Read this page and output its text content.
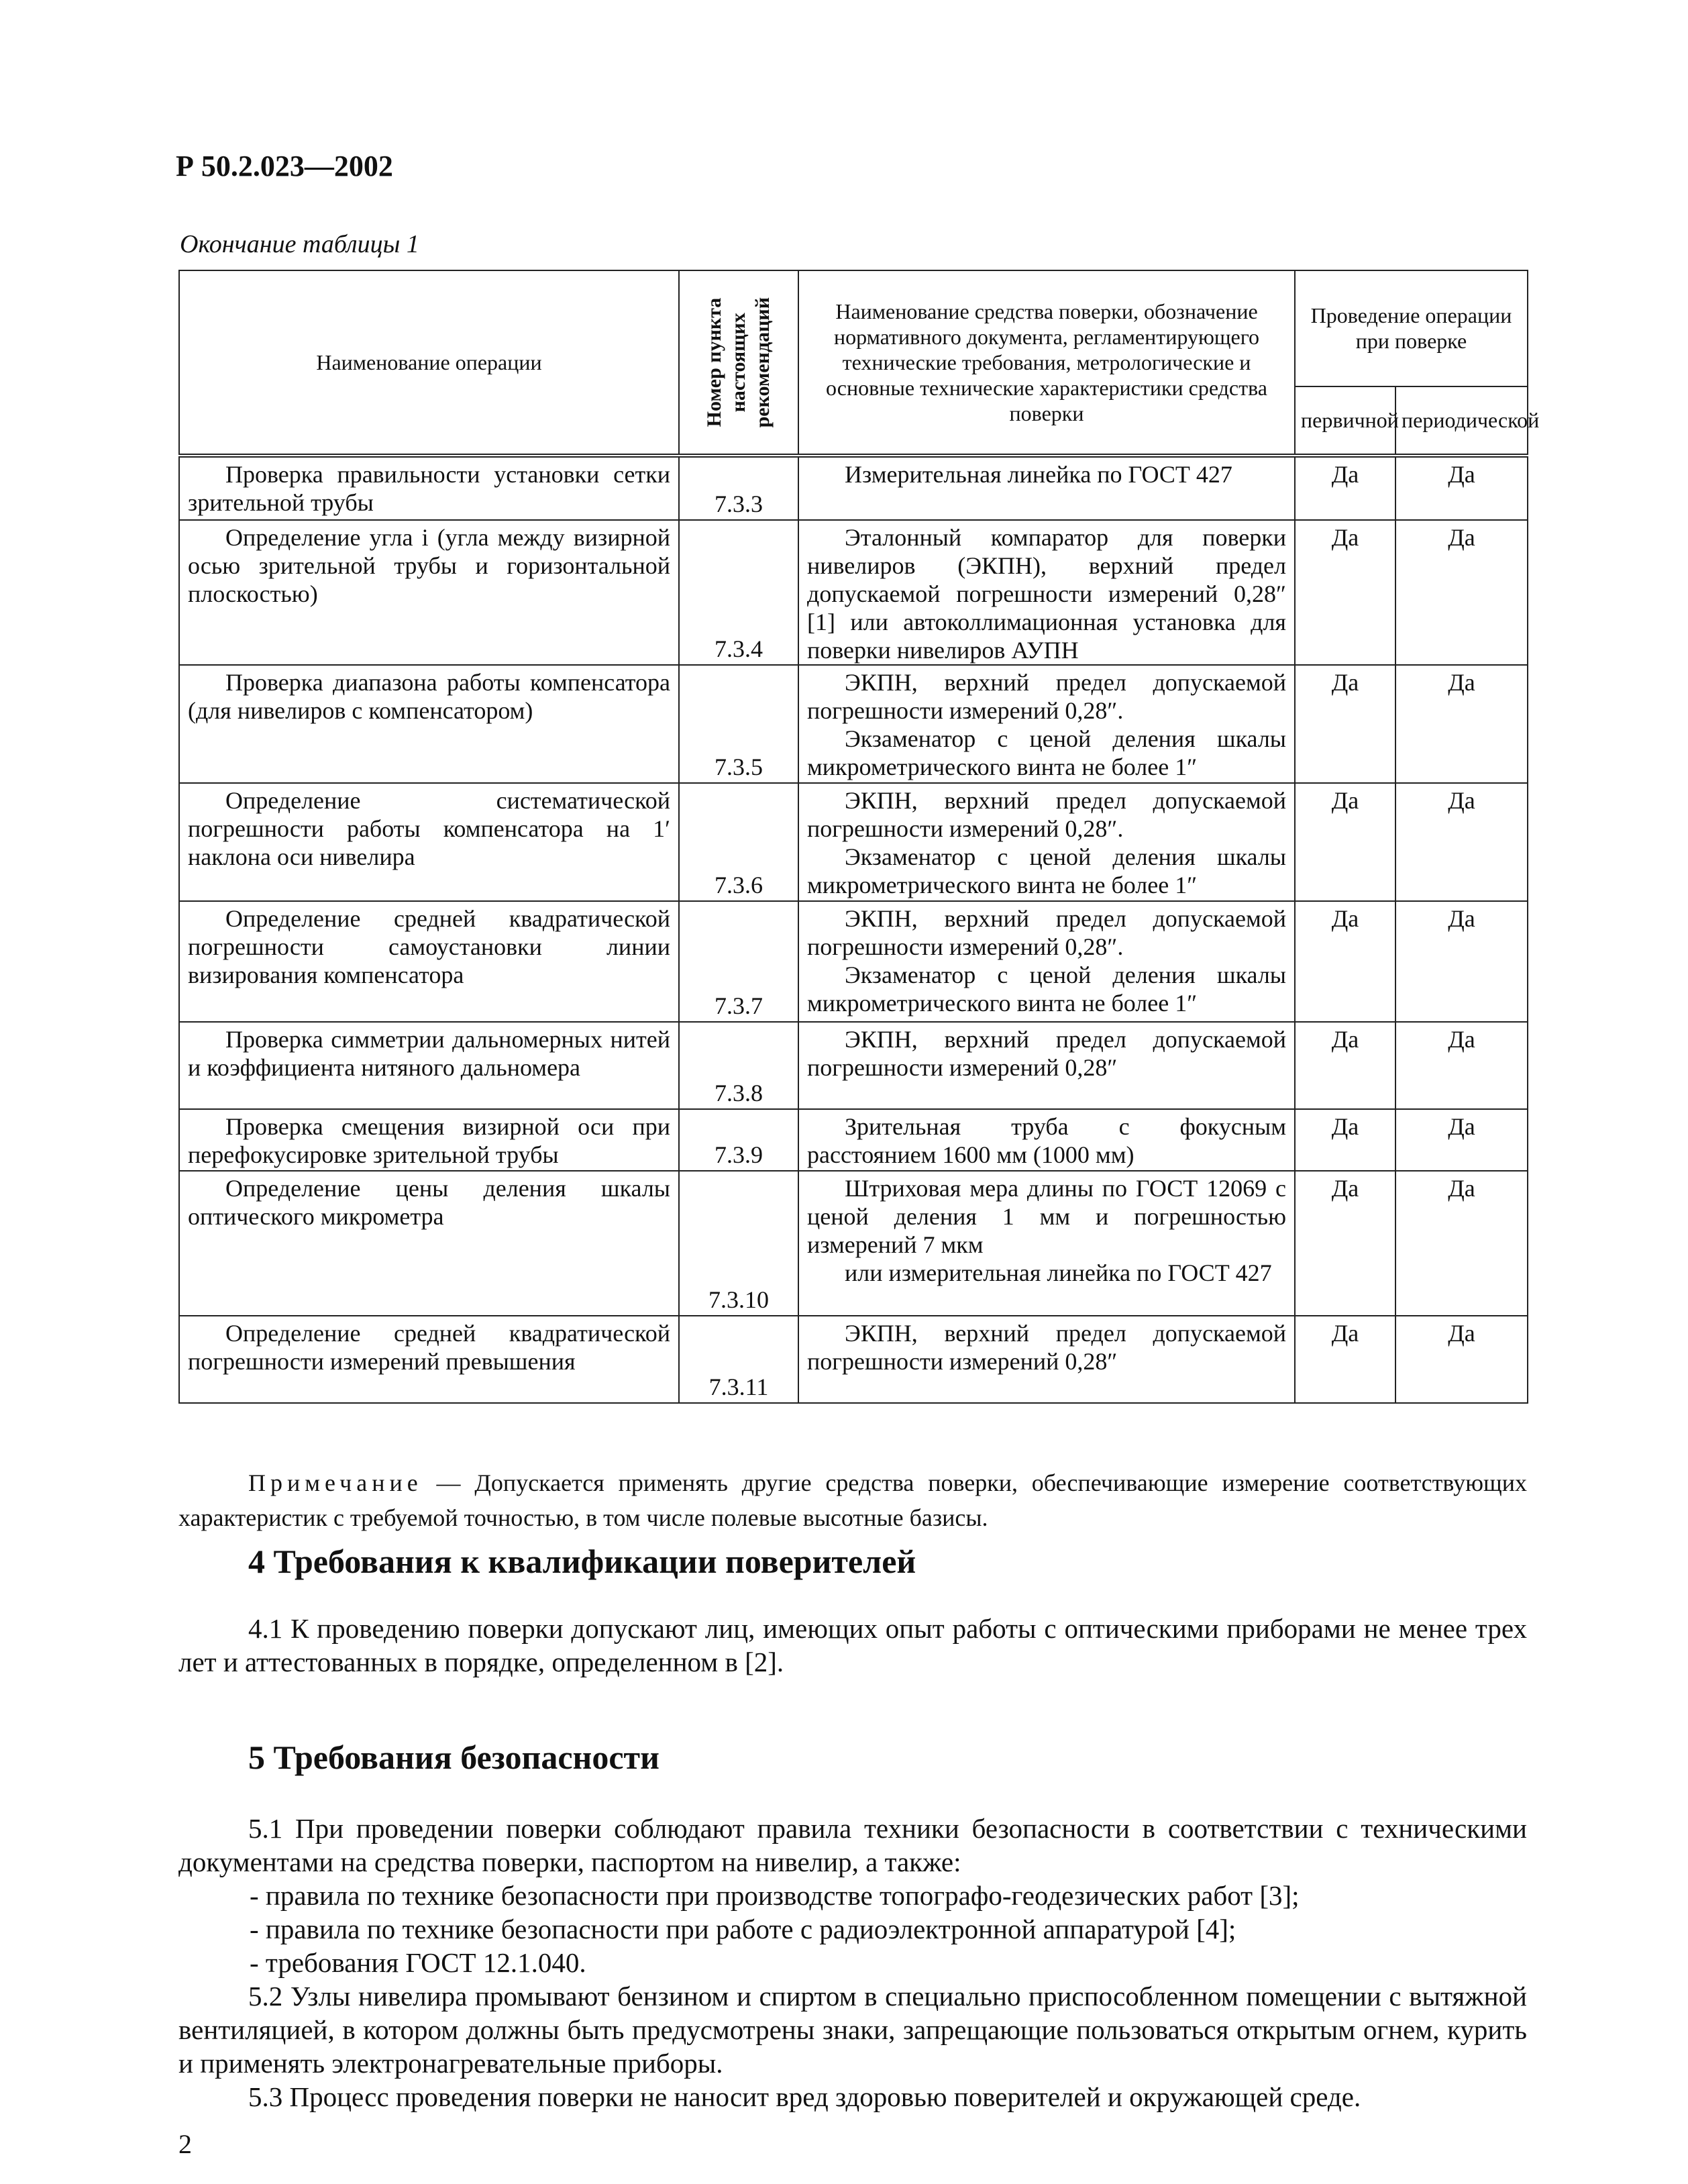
Р 50.2.023—2002
Окончание таблицы 1
Наименование операции	Номер пункта
настоящих
рекомендаций	Наименование средства поверки, обозначение нормативного документа, регламентирующего технические требования, метрологические и основные технические характеристики средства поверки	Проведение операции при поверке	
			первичной	периодической
Проверка правильности установки сетки зрительной трубы	7.3.3	Измерительная линейка по ГОСТ 427	Да	Да
Определение угла i (угла между визирной осью зрительной трубы и горизонтальной плоскостью)	7.3.4	Эталонный компаратор для поверки нивелиров (ЭКПН), верхний предел допускаемой погрешности измерений 0,28″ [1] или автоколлимационная установка для поверки нивелиров АУПН	Да	Да
Проверка диапазона работы компенсатора (для нивелиров с компенсатором)	7.3.5	ЭКПН, верхний предел допускаемой погрешности измерений 0,28″.
Экзаменатор с ценой деления шкалы микрометрического винта не более 1″	Да	Да
Определение систематической погрешности работы компенсатора на 1′ наклона оси нивелира	7.3.6	ЭКПН, верхний предел допускаемой погрешности измерений 0,28″.
Экзаменатор с ценой деления шкалы микрометрического винта не более 1″	Да	Да
Определение средней квадратической погрешности самоустановки линии визирования компенсатора	7.3.7	ЭКПН, верхний предел допускаемой погрешности измерений 0,28″.
Экзаменатор с ценой деления шкалы микрометрического винта не более 1″	Да	Да
Проверка симметрии дальномерных нитей и коэффициента нитяного дальномера	7.3.8	ЭКПН, верхний предел допускаемой погрешности измерений 0,28″	Да	Да
Проверка смещения визирной оси при перефокусировке зрительной трубы	7.3.9	Зрительная труба с фокусным расстоянием 1600 мм (1000 мм)	Да	Да
Определение цены деления шкалы оптического микрометра	7.3.10	Штриховая мера длины по ГОСТ 12069 с ценой деления 1 мм и погрешностью измерений 7 мкм
или измерительная линейка по ГОСТ 427	Да	Да
Определение средней квадратической погрешности измерений превышения	7.3.11	ЭКПН, верхний предел допускаемой погрешности измерений 0,28″	Да	Да
Примечание — Допускается применять другие средства поверки, обеспечивающие измерение соответствующих характеристик с требуемой точностью, в том числе полевые высотные базисы.
4 Требования к квалификации поверителей
4.1 К проведению поверки допускают лиц, имеющих опыт работы с оптическими приборами не менее трех лет и аттестованных в порядке, определенном в [2].
5 Требования безопасности
5.1 При проведении поверки соблюдают правила техники безопасности в соответствии с техническими документами на средства поверки, паспортом на нивелир, а также:
- правила по технике безопасности при производстве топографо-геодезических работ [3];
- правила по технике безопасности при работе с радиоэлектронной аппаратурой [4];
- требования ГОСТ 12.1.040.
5.2 Узлы нивелира промывают бензином и спиртом в специально приспособленном помещении с вытяжной вентиляцией, в котором должны быть предусмотрены знаки, запрещающие пользоваться открытым огнем, курить и применять электронагревательные приборы.
5.3 Процесс проведения поверки не наносит вред здоровью поверителей и окружающей среде.
2
